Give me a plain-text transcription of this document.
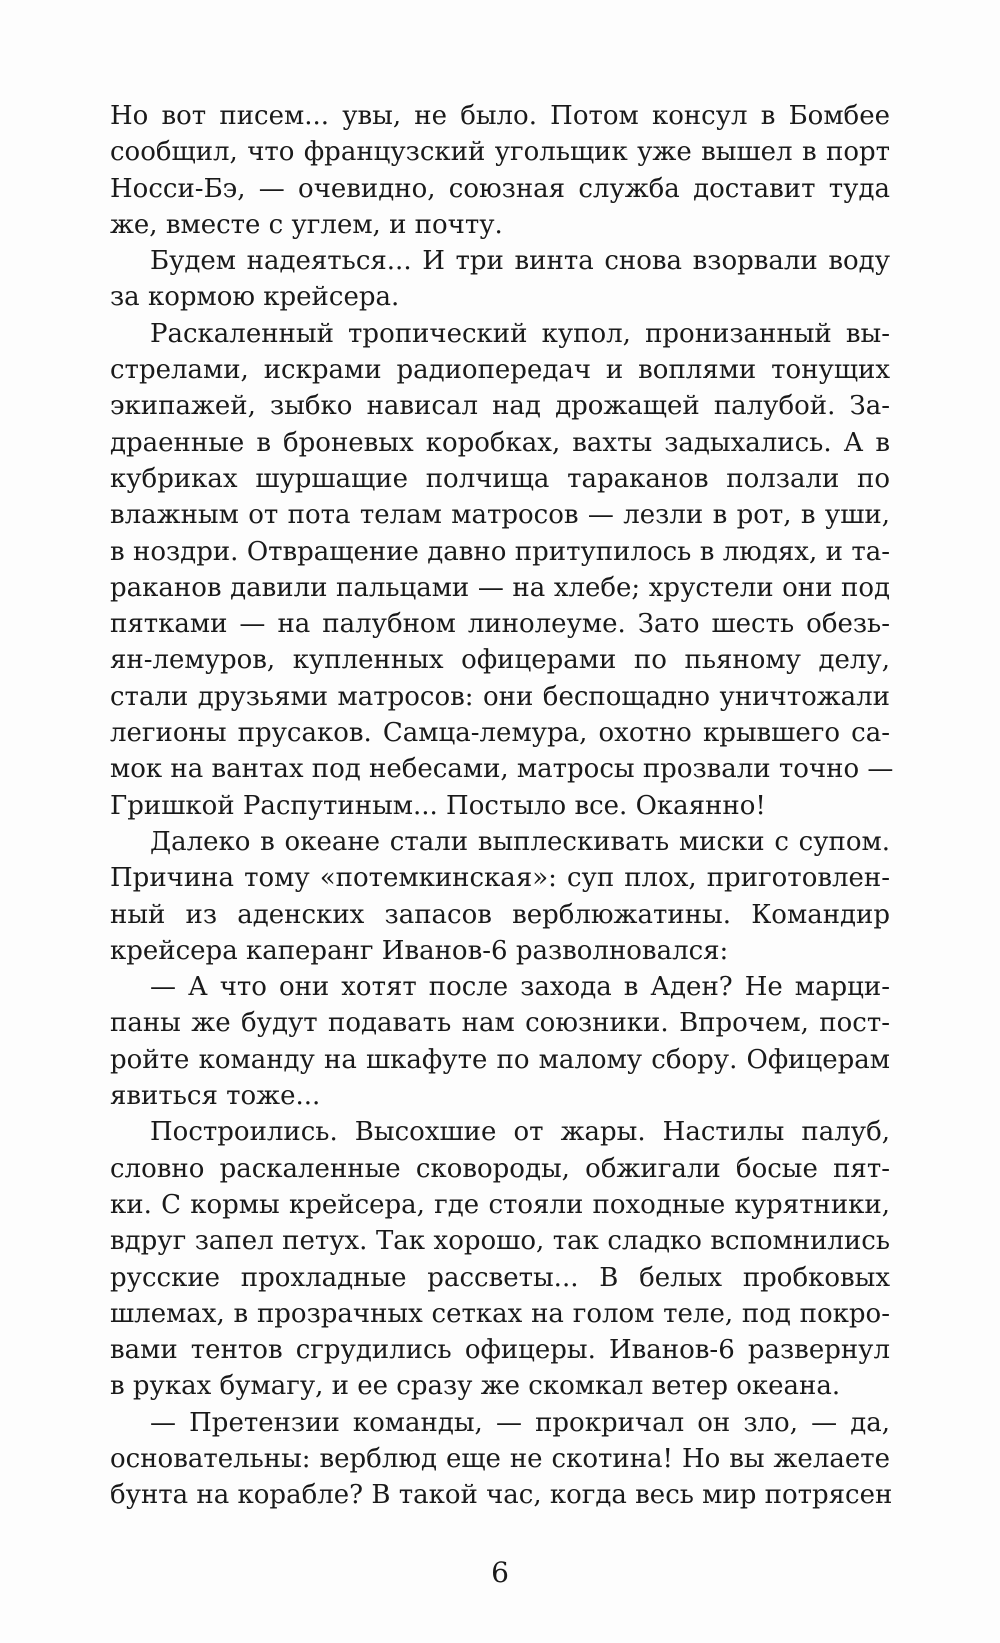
Но вот писем... увы, не было. Потом консул в Бомбее
сообщил, что французский угольщик уже вышел в порт
Носси-Бэ, — очевидно, союзная служба доставит туда
же, вместе с углем, и почту.
Будем надеяться... И три винта снова взорвали воду
за кормою крейсера.
Раскаленный тропический купол, пронизанный вы-
стрелами, искрами радиопередач и воплями тонущих
экипажей, зыбко нависал над дрожащей палубой. За-
драенные в броневых коробках, вахты задыхались. А в
кубриках шуршащие полчища тараканов ползали по
влажным от пота телам матросов — лезли в рот, в уши,
в ноздри. Отвращение давно притупилось в людях, и та-
раканов давили пальцами — на хлебе; хрустели они под
пятками — на палубном линолеуме. Зато шесть обезь-
ян-лемуров, купленных офицерами по пьяному делу,
стали друзьями матросов: они беспощадно уничтожали
легионы прусаков. Самца-лемура, охотно крывшего са-
мок на вантах под небесами, матросы прозвали точно —
Гришкой Распутиным... Постыло все. Окаянно!
Далеко в океане стали выплескивать миски с супом.
Причина тому «потемкинская»: суп плох, приготовлен-
ный из аденских запасов верблюжатины. Командир
крейсера каперанг Иванов-6 разволновался:
— А что они хотят после захода в Аден? Не марци-
паны же будут подавать нам союзники. Впрочем, пост-
ройте команду на шкафуте по малому сбору. Офицерам
явиться тоже...
Построились. Высохшие от жары. Настилы палуб,
словно раскаленные сковороды, обжигали босые пят-
ки. С кормы крейсера, где стояли походные курятники,
вдруг запел петух. Так хорошо, так сладко вспомнились
русские прохладные рассветы... В белых пробковых
шлемах, в прозрачных сетках на голом теле, под покро-
вами тентов сгрудились офицеры. Иванов-6 развернул
в руках бумагу, и ее сразу же скомкал ветер океана.
— Претензии команды, — прокричал он зло, — да,
основательны: верблюд еще не скотина! Но вы желаете
бунта на корабле? В такой час, когда весь мир потрясен
6
